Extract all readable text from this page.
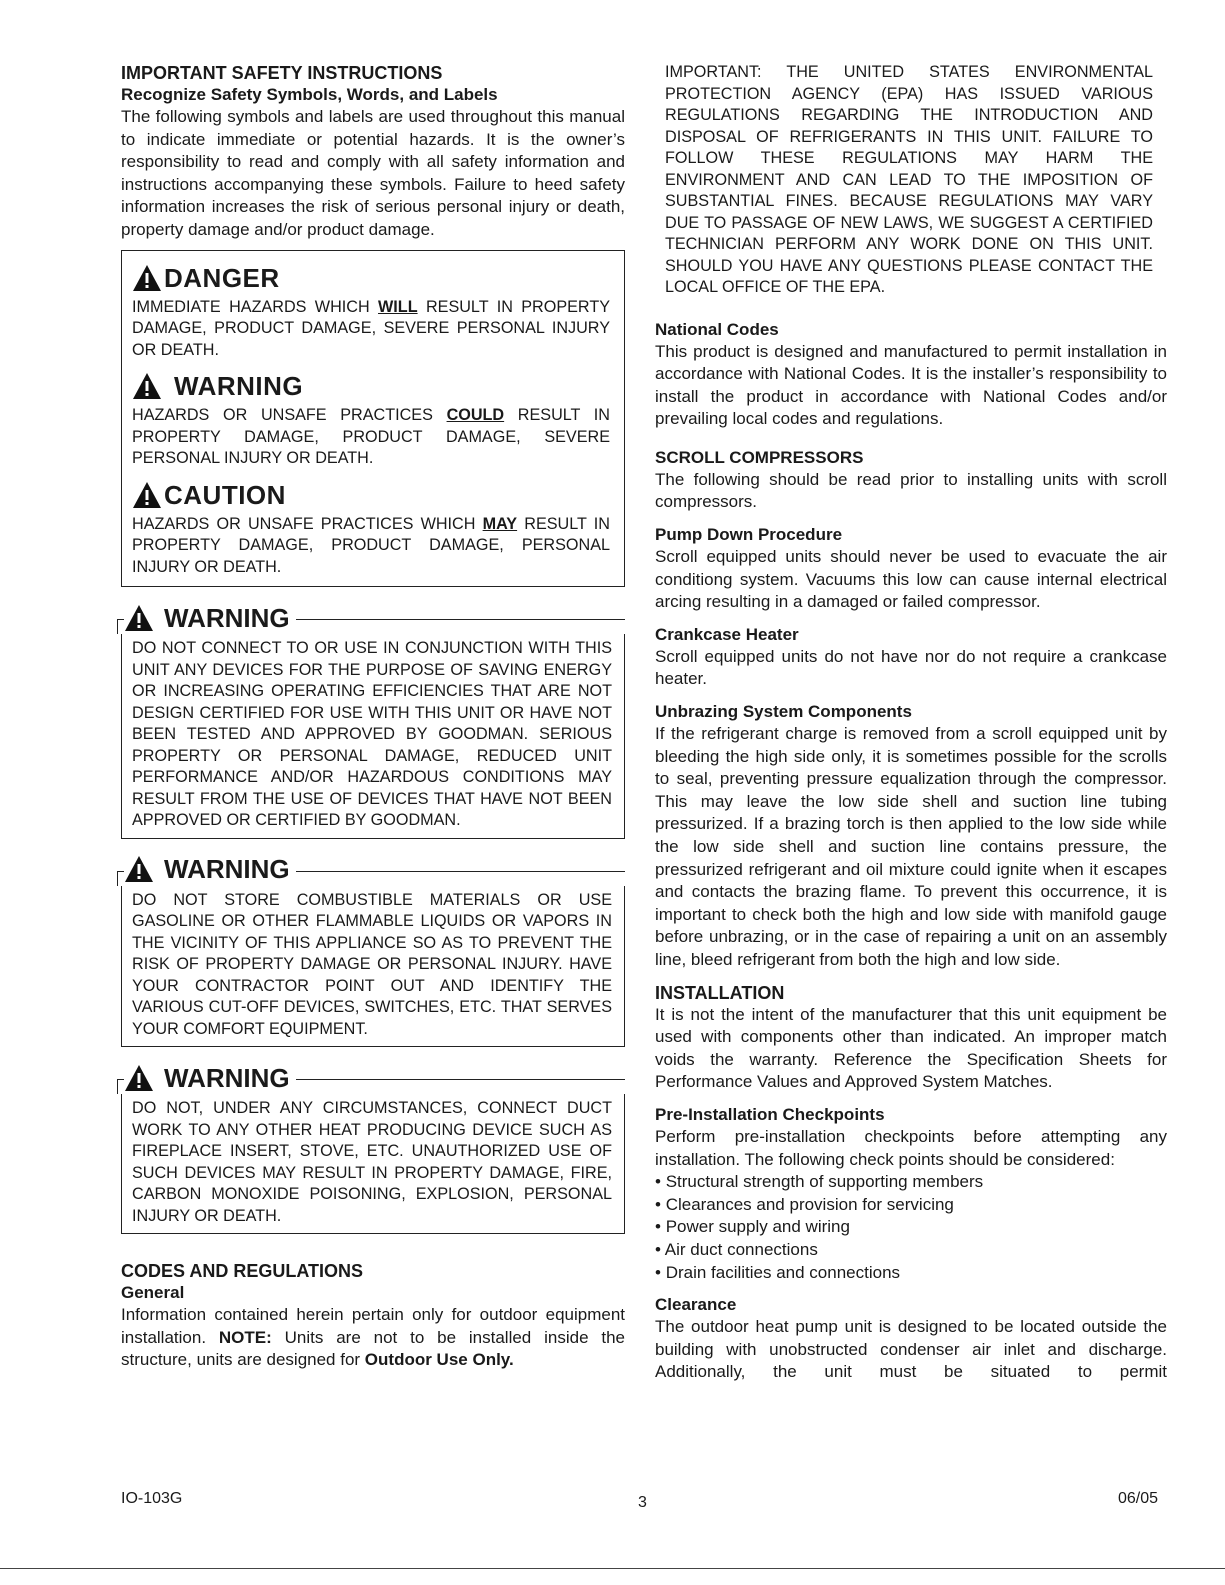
IMPORTANT SAFETY INSTRUCTIONS
Recognize Safety Symbols, Words, and Labels

The following symbols and labels are used throughout this manual to indicate immediate or potential hazards. It is the owner’s responsibility to read and comply with all safety information and instructions accompanying these symbols. Failure to heed safety information increases the risk of serious personal injury or death, property damage and/or product damage.

DANGER

IMMEDIATE HAZARDS WHICH WILL RESULT IN PROPERTY DAMAGE, PRODUCT DAMAGE, SEVERE PERSONAL INJURY OR DEATH.

WARNING

HAZARDS OR UNSAFE PRACTICES COULD RESULT IN PROPERTY DAMAGE, PRODUCT DAMAGE, SEVERE PERSONAL INJURY OR DEATH.

CAUTION

HAZARDS OR UNSAFE PRACTICES WHICH MAY RESULT IN PROPERTY DAMAGE, PRODUCT DAMAGE, PERSONAL INJURY OR DEATH.

WARNING

DO NOT CONNECT TO OR USE IN CONJUNCTION WITH THIS UNIT ANY DEVICES FOR THE PURPOSE OF SAVING ENERGY OR INCREASING OPERATING EFFICIENCIES THAT ARE NOT DESIGN CERTIFIED FOR USE WITH THIS UNIT OR HAVE NOT BEEN TESTED AND APPROVED BY GOODMAN. SERIOUS PROPERTY OR PERSONAL DAMAGE, REDUCED UNIT PERFORMANCE AND/OR HAZARDOUS CONDITIONS MAY RESULT FROM THE USE OF DEVICES THAT HAVE NOT BEEN APPROVED OR CERTIFIED BY GOODMAN.

WARNING

DO NOT STORE COMBUSTIBLE MATERIALS OR USE GASOLINE OR OTHER FLAMMABLE LIQUIDS OR VAPORS IN THE VICINITY OF THIS APPLIANCE SO AS TO PREVENT THE RISK OF PROPERTY DAMAGE OR PERSONAL INJURY. HAVE YOUR CONTRACTOR POINT OUT AND IDENTIFY THE VARIOUS CUT-OFF DEVICES, SWITCHES, ETC. THAT SERVES YOUR COMFORT EQUIPMENT.

WARNING

DO NOT, UNDER ANY CIRCUMSTANCES, CONNECT DUCT WORK TO ANY OTHER HEAT PRODUCING DEVICE SUCH AS FIREPLACE INSERT, STOVE, ETC. UNAUTHORIZED USE OF SUCH DEVICES MAY RESULT IN PROPERTY DAMAGE, FIRE, CARBON MONOXIDE POISONING, EXPLOSION, PERSONAL INJURY OR DEATH.

CODES AND REGULATIONS
General

Information contained herein pertain only for outdoor equipment installation. NOTE: Units are not to be installed inside the structure, units are designed for Outdoor Use Only.

IMPORTANT: THE UNITED STATES ENVIRONMENTAL PROTECTION AGENCY (EPA) HAS ISSUED VARIOUS REGULATIONS REGARDING THE INTRODUCTION AND DISPOSAL OF REFRIGERANTS IN THIS UNIT. FAILURE TO FOLLOW THESE REGULATIONS MAY HARM THE ENVIRONMENT AND CAN LEAD TO THE IMPOSITION OF SUBSTANTIAL FINES. BECAUSE REGULATIONS MAY VARY DUE TO PASSAGE OF NEW LAWS, WE SUGGEST A CERTIFIED TECHNICIAN PERFORM ANY WORK DONE ON THIS UNIT. SHOULD YOU HAVE ANY QUESTIONS PLEASE CONTACT THE LOCAL OFFICE OF THE EPA.

National Codes

This product is designed and manufactured to permit installation in accordance with National Codes. It is the installer’s responsibility to install the product in accordance with National Codes and/or prevailing local codes and regulations.

SCROLL COMPRESSORS

The following should be read prior to installing units with scroll compressors.

Pump Down Procedure

Scroll equipped units should never be used to evacuate the air conditiong system. Vacuums this low can cause internal electrical arcing resulting in a damaged or failed compressor.

Crankcase Heater

Scroll equipped units do not have nor do not require a crankcase heater.

Unbrazing System Components

If the refrigerant charge is removed from a scroll equipped unit by bleeding the high side only, it is sometimes possible for the scrolls to seal, preventing pressure equalization through the compressor. This may leave the low side shell and suction line tubing pressurized. If a brazing torch is then applied to the low side while the low side shell and suction line contains pressure, the pressurized refrigerant and oil mixture could ignite when it escapes and contacts the brazing flame. To prevent this occurrence, it is important to check both the high and low side with manifold gauge before unbrazing, or in the case of repairing a unit on an assembly line, bleed refrigerant from both the high and low side.

INSTALLATION

It is not the intent of the manufacturer that this unit equipment be used with components other than indicated. An improper match voids the warranty. Reference the Specification Sheets for Performance Values and Approved System Matches.

Pre-Installation Checkpoints

Perform pre-installation checkpoints before attempting any installation. The following check points should be considered:

• Structural strength of supporting members
• Clearances and provision for servicing
• Power supply and wiring
• Air duct connections
• Drain facilities and connections
Clearance

The outdoor heat pump unit is designed to be located outside the building with unobstructed condenser air inlet and discharge. Additionally, the unit must be situated to permit

IO-103G	3	06/05
